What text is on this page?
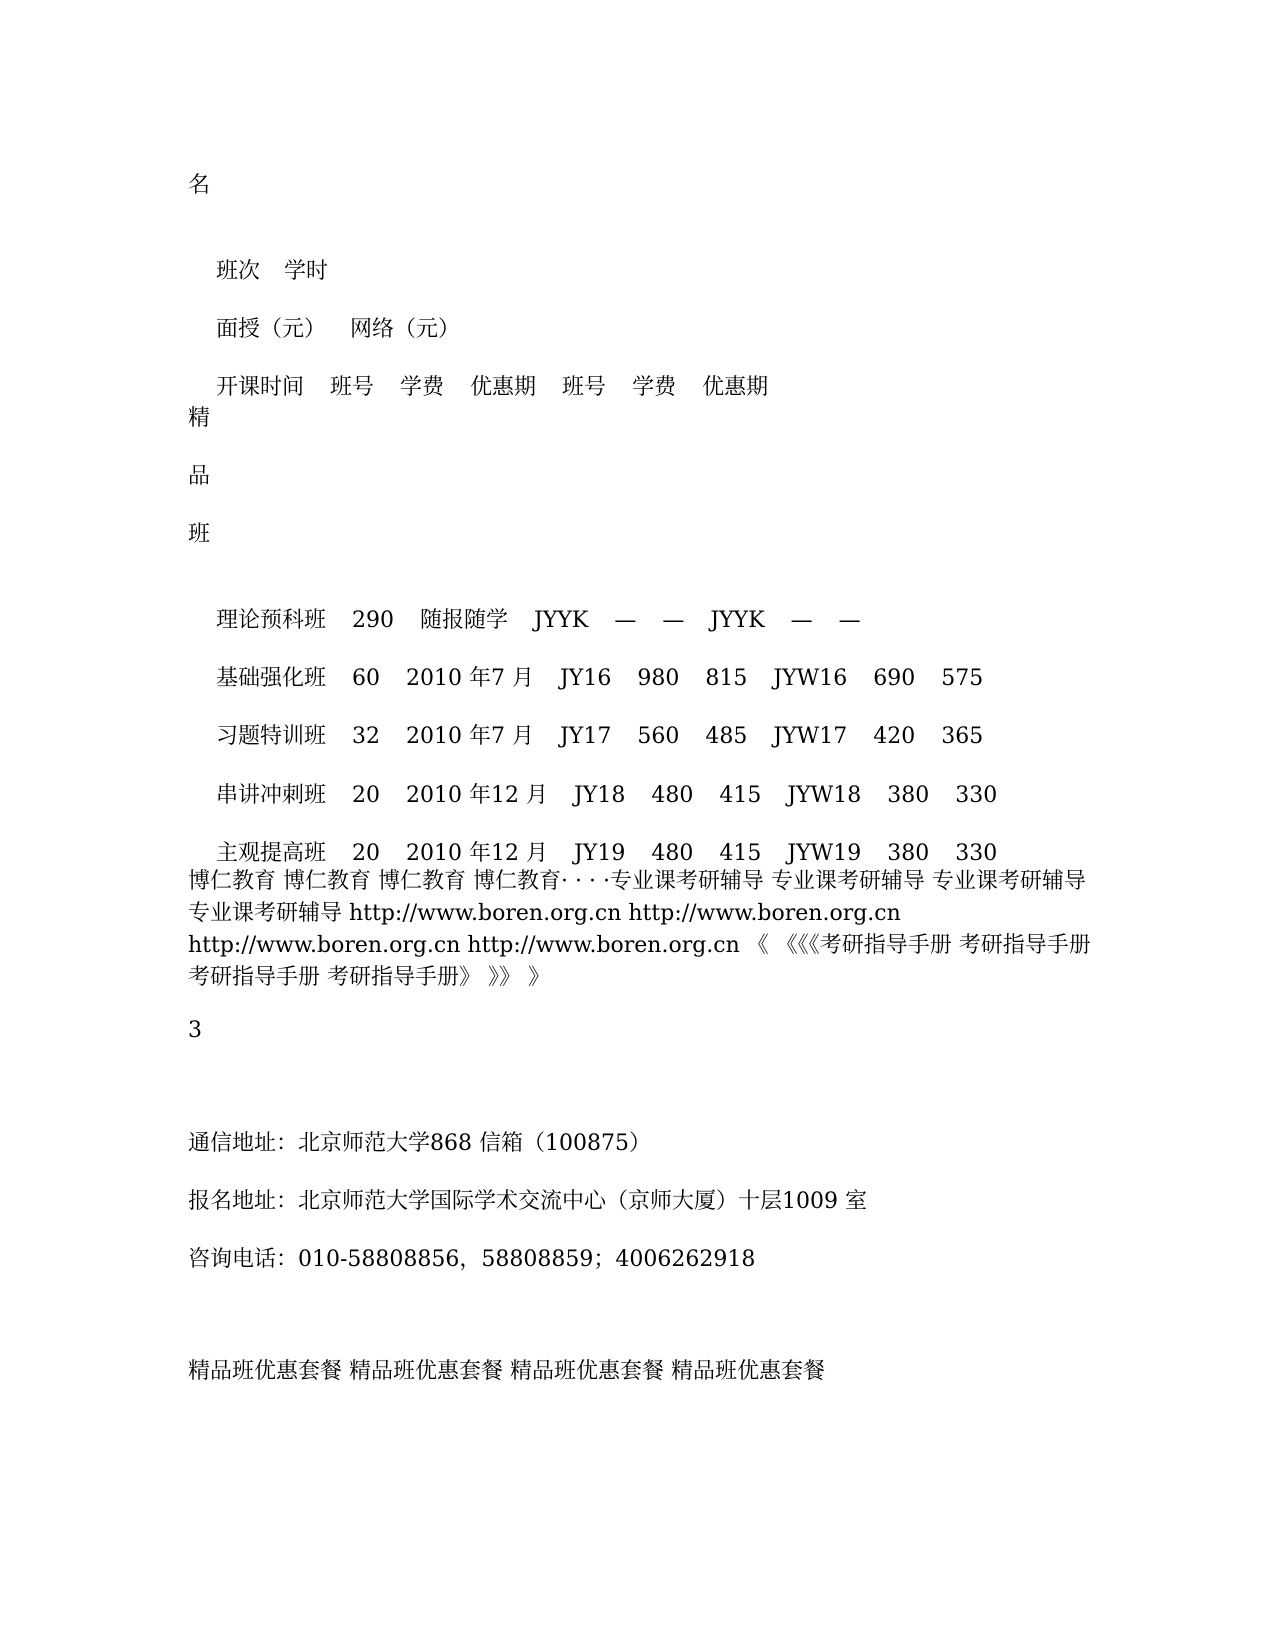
名

班次 学时

面授（元） 网络（元）

开课时间 班号 学费 优惠期 班号 学费 优惠期

精
品
班

理论预科班 290 随报随学 JYYK — — JYYK — —

基础强化班 60 2010 年7 月 JY16 980 815 JYW16 690 575

习题特训班 32 2010 年7 月 JY17 560 485 JYW17 420 365

串讲冲刺班 20 2010 年12 月 JY18 480 415 JYW18 380 330

主观提高班 20 2010 年12 月 JY19 480 415 JYW19 380 330

博仁教育 博仁教育 博仁教育 博仁教育· · · ·专业课考研辅导 专业课考研辅导 专业课考研辅导 专业课考研辅导 http://www.boren.org.cn http://www.boren.org.cn http://www.boren.org.cn http://www.boren.org.cn 《 《《《考研指导手册 考研指导手册 考研指导手册 考研指导手册》 》》 》
3
通信地址：北京师范大学868 信箱（100875）
报名地址：北京师范大学国际学术交流中心（京师大厦）十层1009 室
咨询电话：010-58808856，58808859；4006262918
精品班优惠套餐 精品班优惠套餐 精品班优惠套餐 精品班优惠套餐
